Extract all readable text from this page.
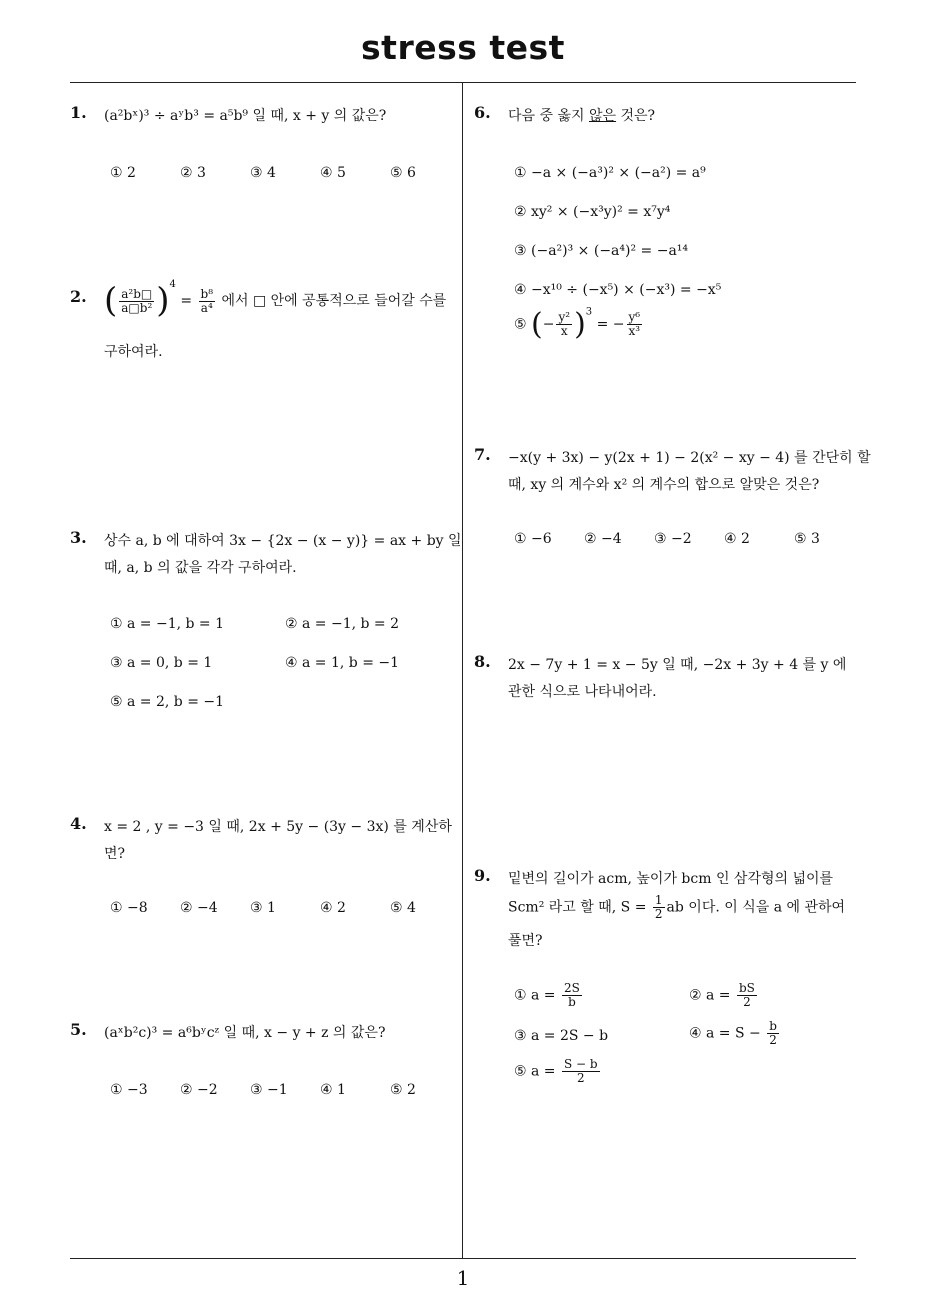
stress test
1
1. (a²bˣ)³ ÷ aʸb³ = a⁵b⁹ 일 때, x + y 의 값은?
① 2	② 3	③ 4	④ 5	⑤ 6
2. ( $\frac{\text{a²b□}}{\text{a□b²}} )^4 = \frac{\text{b⁸}}{\text{a⁴}}$ 에서 □ 안에 공통적으로 들어갈 수를
구하여라.
3. 상수 a, b 에 대하여 3x − {2x − (x − y)} = ax + by 일
때, a, b 의 값을 각각 구하여라.
① a = −1, b = 1	② a = −1, b = 2
③ a = 0, b = 1	④ a = 1, b = −1
⑤ a = 2, b = −1
4. x = 2 , y = −3 일 때, 2x + 5y − (3y − 3x) 를 계산하
면?
① −8 ② −4 ③ 1	④ 2	⑤ 4
5. (aˣb²c)³ = a⁶bʸcᶻ 일 때, x − y + z 의 값은?
① −3 ② −2 ③ −1 ④ 1	⑤ 2
6. 다음 중 옳지 않은 것은?
① −a × (−a³)² × (−a²) = a⁹
② xy² × (−x³y)² = x⁷y⁴
③ (−a²)³ × (−a⁴)² = −a¹⁴
④ −x¹⁰ ÷ (−x⁵) × (−x³) = −x⁵
⑤ (− $\frac{\text{y²}}{x} )^3$ = − $\frac{\text{y⁶}}{\text{x³}}$
7. −x(y + 3x) − y(2x + 1) − 2(x² − xy − 4) 를 간단히 할
때, xy 의 계수와 x² 의 계수의 합으로 알맞은 것은?
① −6 ② −4 ③ −2 ④ 2	⑤ 3
8. 2x − 7y + 1 = x − 5y 일 때, −2x + 3y + 4 를 y 에
관한 식으로 나타내어라.
9. 밑변의 길이가 acm, 높이가 bcm 인 삼각형의 넓이를
Scm² 라고 할 때, $S = \frac{1}{2}$ ab 이다. 이 식을 a 에 관하여
풀면?
① $a = \frac{2S}{b}$	② $a = \frac{bS}{2}$
③ a = 2S − b	④ $a = S - \frac{b}{2}$
⑤ $a = \frac{S - b}{2}$
